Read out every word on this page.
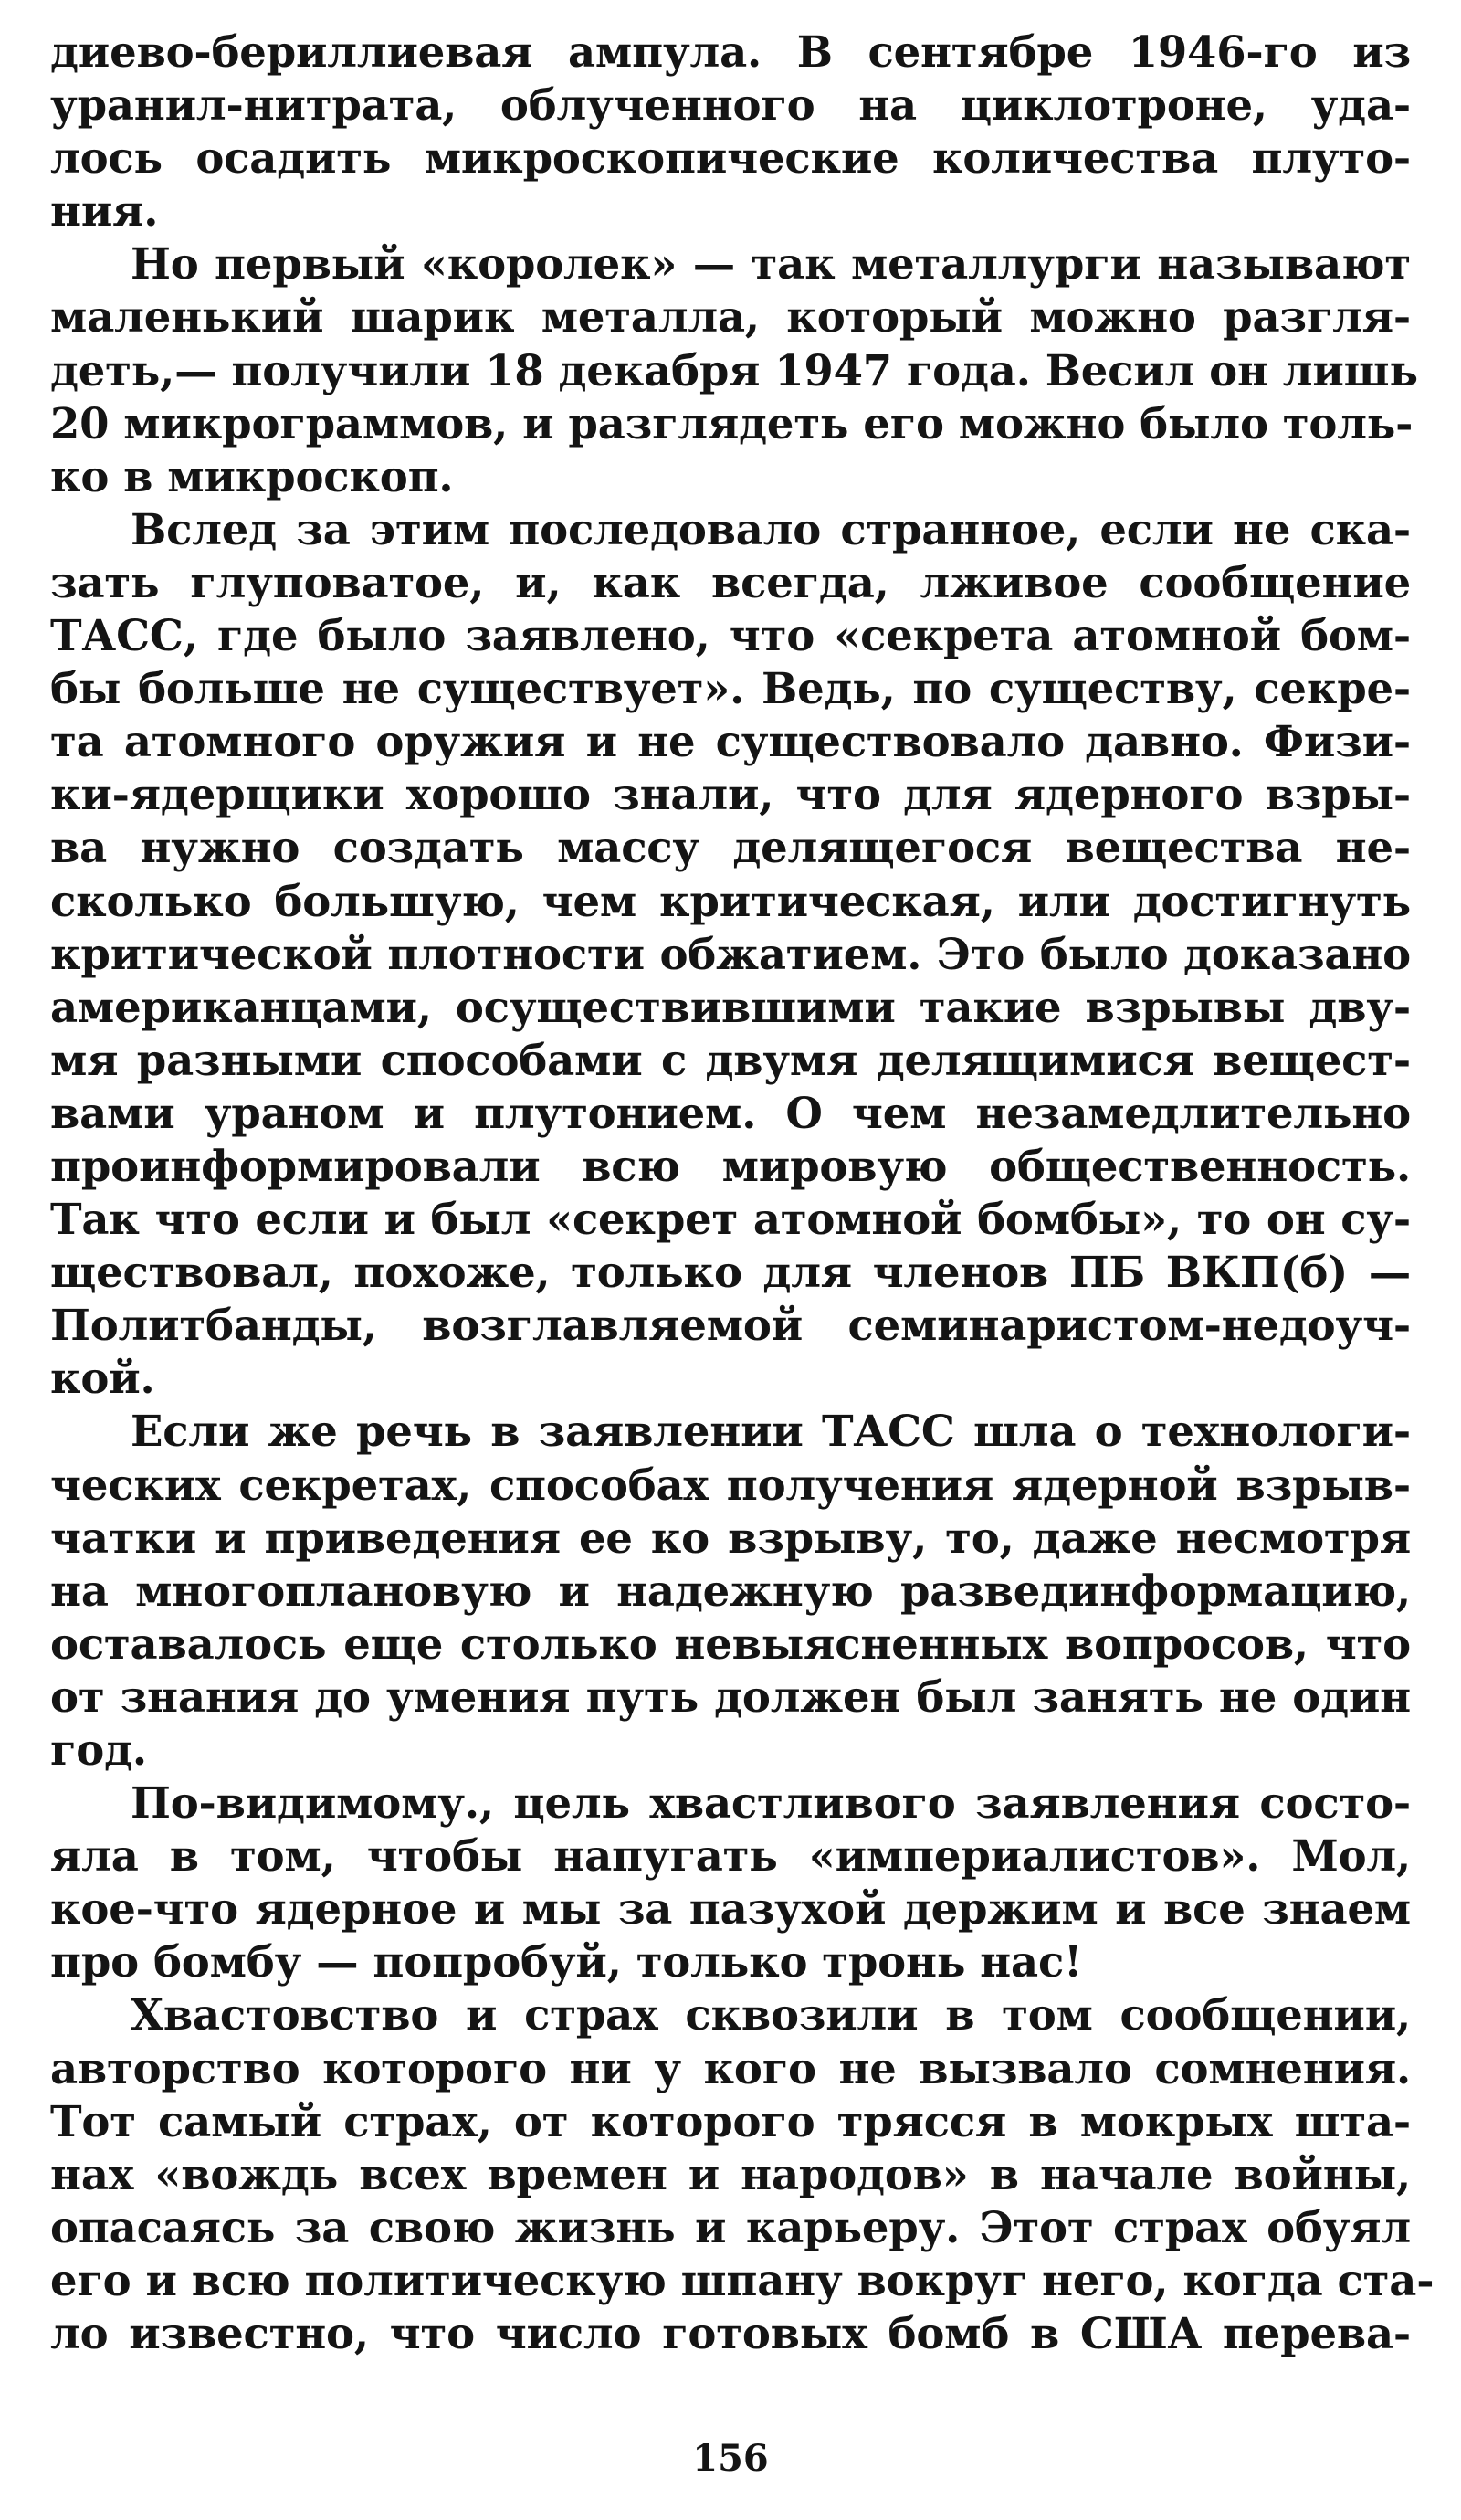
диево-бериллиевая ампула. В сентябре 1946-го из
уранил-нитрата, облученного на циклотроне, уда-
лось осадить микроскопические количества плуто-
ния.
Но первый «королек» — так металлурги называют
маленький шарик металла, который можно разгля-
деть,— получили 18 декабря 1947 года. Весил он лишь
20 микрограммов, и разглядеть его можно было толь-
ко в микроскоп.
Вслед за этим последовало странное, если не ска-
зать глуповатое, и, как всегда, лживое сообщение
ТАСС, где было заявлено, что «секрета атомной бом-
бы больше не существует». Ведь, по существу, секре-
та атомного оружия и не существовало давно. Физи-
ки-ядерщики хорошо знали, что для ядерного взры-
ва нужно создать массу делящегося вещества не-
сколько большую, чем критическая, или достигнуть
критической плотности обжатием. Это было доказано
американцами, осуществившими такие взрывы дву-
мя разными способами с двумя делящимися вещест-
вами ураном и плутонием. О чем незамедлительно
проинформировали всю мировую общественность.
Так что если и был «секрет атомной бомбы», то он су-
ществовал, похоже, только для членов ПБ ВКП(б) —
Политбанды, возглавляемой семинаристом-недоуч-
кой.
Если же речь в заявлении ТАСС шла о технологи-
ческих секретах, способах получения ядерной взрыв-
чатки и приведения ее ко взрыву, то, даже несмотря
на многоплановую и надежную развединформацию,
оставалось еще столько невыясненных вопросов, что
от знания до умения путь должен был занять не один
год.
По-видимому., цель хвастливого заявления состо-
яла в том, чтобы напугать «империалистов». Мол,
кое-что ядерное и мы за пазухой держим и все знаем
про бомбу — попробуй, только тронь нас!
Хвастовство и страх сквозили в том сообщении,
авторство которого ни у кого не вызвало сомнения.
Тот самый страх, от которого трясся в мокрых шта-
нах «вождь всех времен и народов» в начале войны,
опасаясь за свою жизнь и карьеру. Этот страх обуял
его и всю политическую шпану вокруг него, когда ста-
ло известно, что число готовых бомб в США перева-
156
